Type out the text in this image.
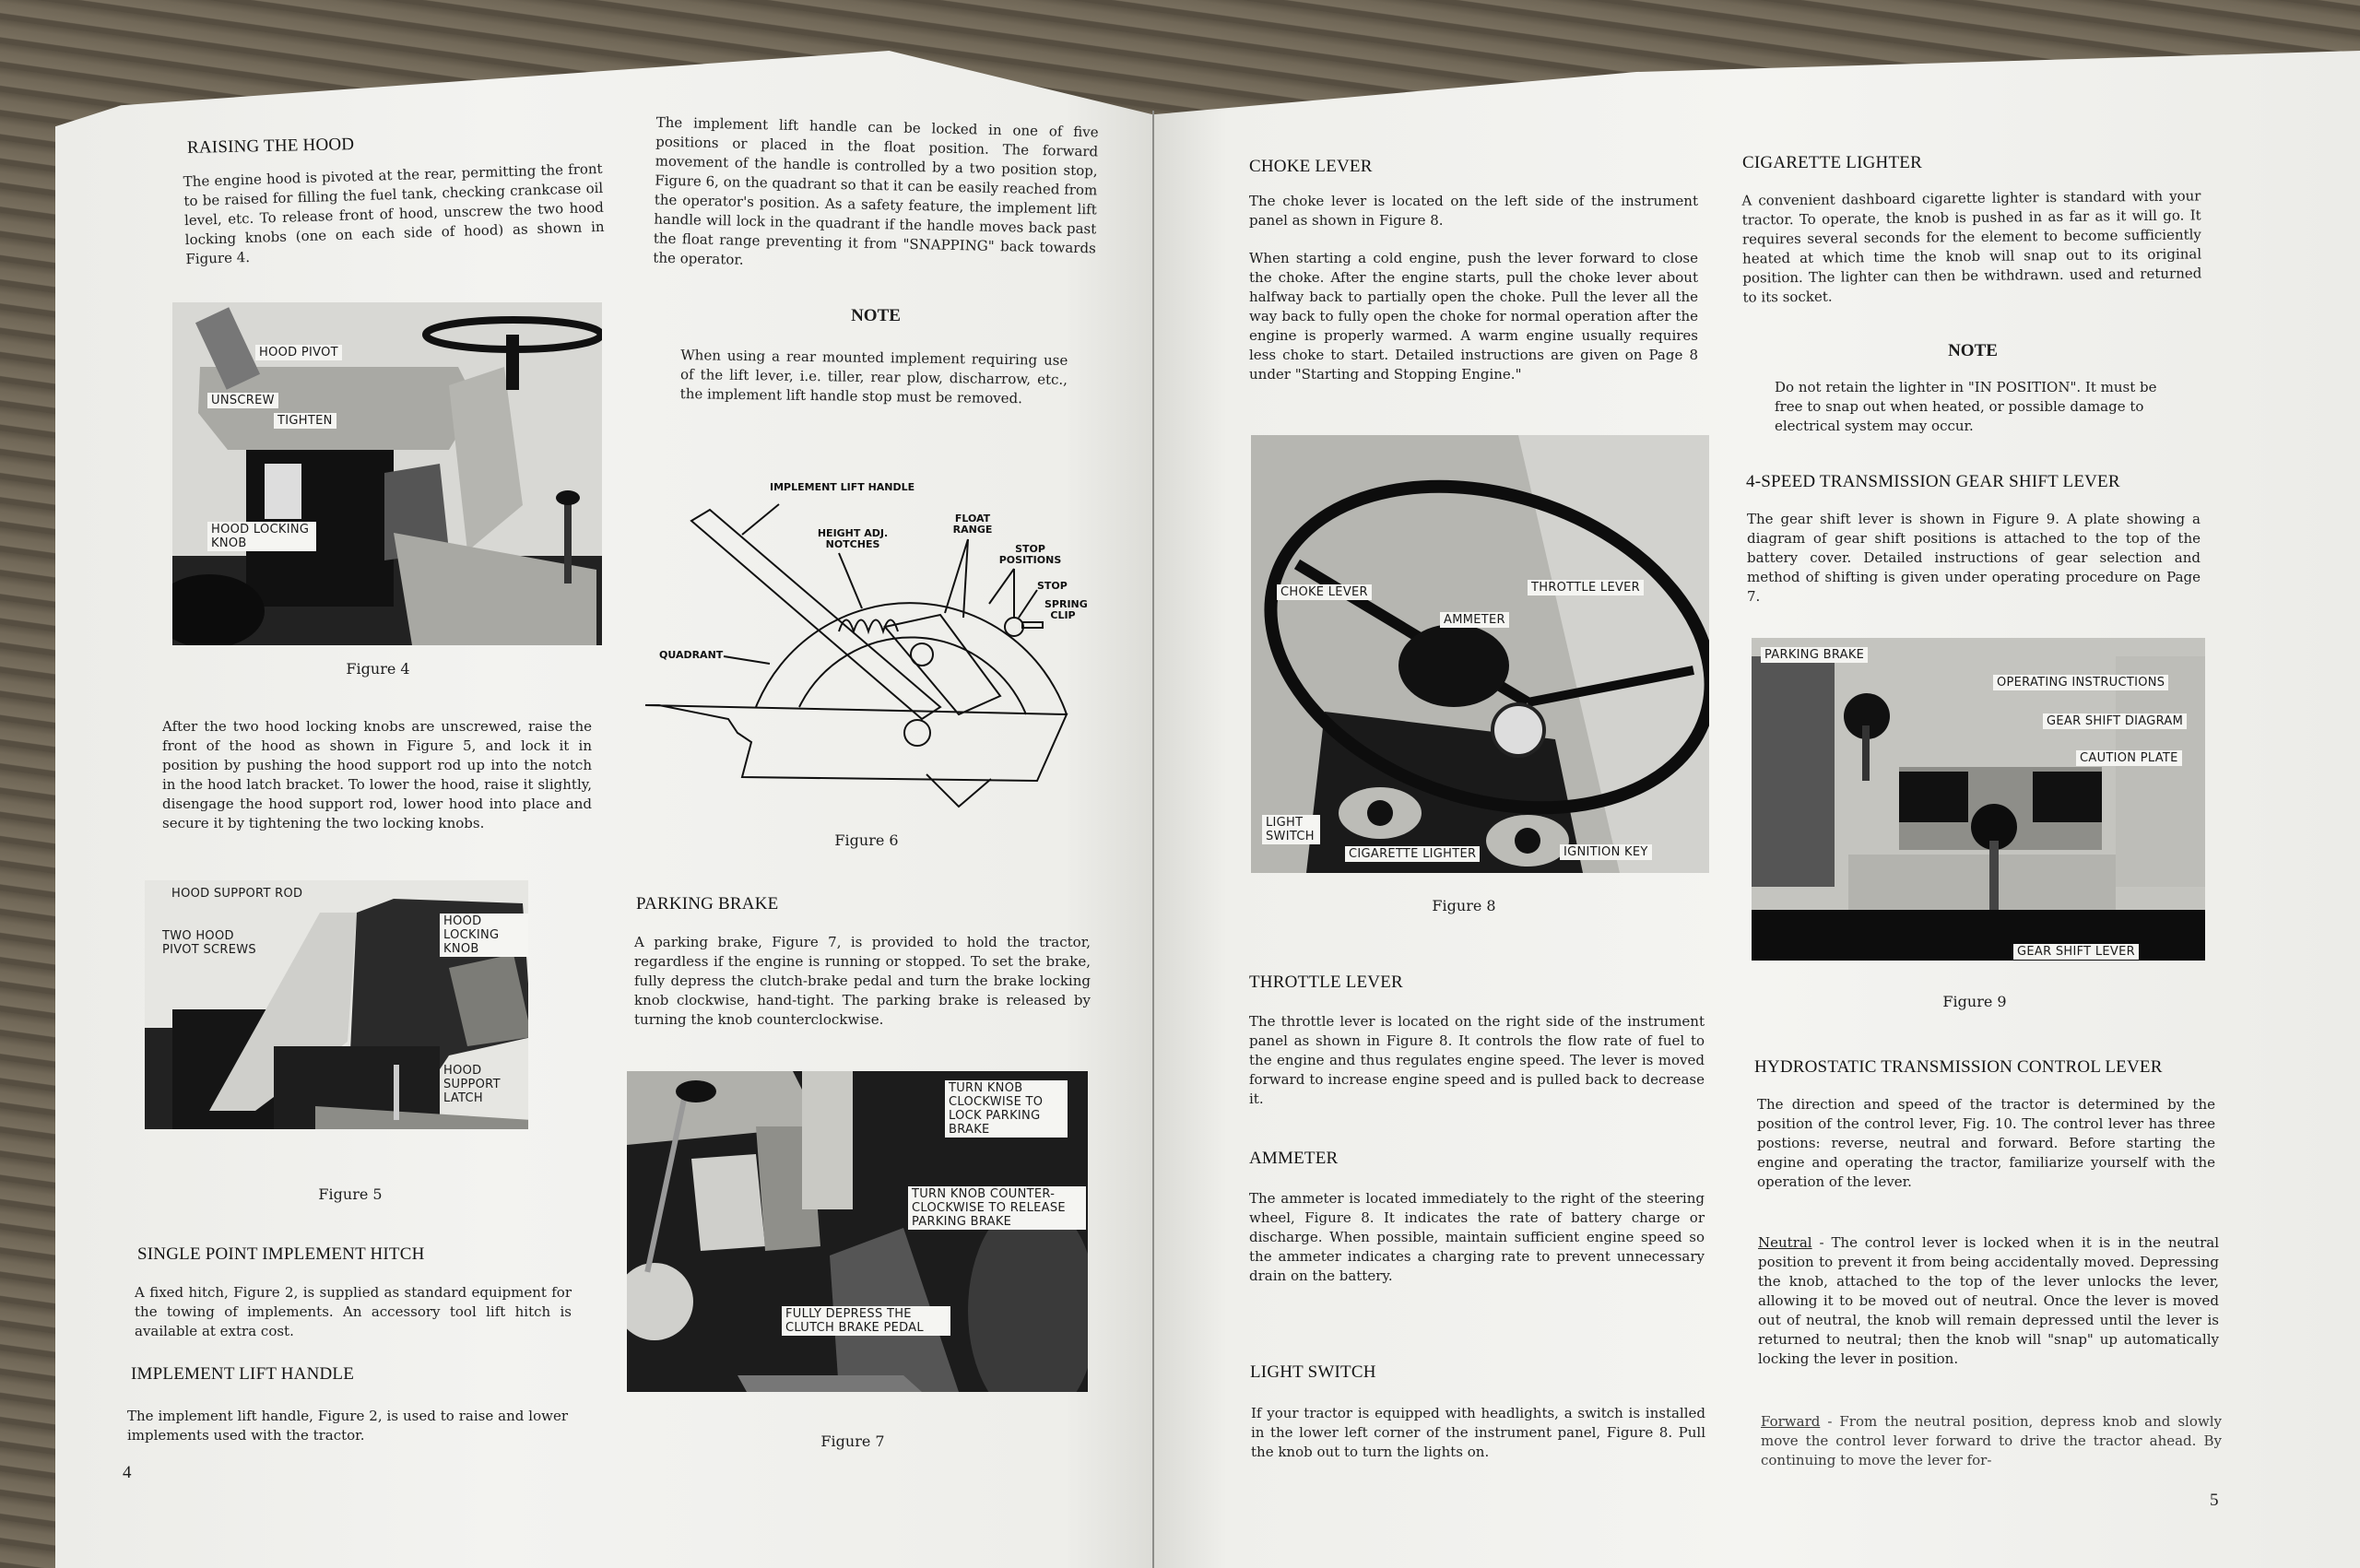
RAISING THE HOOD
The engine hood is pivoted at the rear, permitting the front to be raised for filling the fuel tank, checking crankcase oil level, etc. To release front of hood, unscrew the two hood locking knobs (one on each side of hood) as shown in Figure 4.
HOOD PIVOT
UNSCREW
TIGHTEN
HOOD LOCKING KNOB
Figure 4
After the two hood locking knobs are unscrewed, raise the front of the hood as shown in Figure 5, and lock it in position by pushing the hood support rod up into the notch in the hood latch bracket. To lower the hood, raise it slightly, disengage the hood support rod, lower hood into place and secure it by tightening the two locking knobs.
HOOD SUPPORT ROD
TWO HOOD PIVOT SCREWS
HOOD LOCKING KNOB
HOOD SUPPORT LATCH
Figure 5
SINGLE POINT IMPLEMENT HITCH
A fixed hitch, Figure 2, is supplied as standard equipment for the towing of implements. An accessory tool lift hitch is available at extra cost.
IMPLEMENT LIFT HANDLE
The implement lift handle, Figure 2, is used to raise and lower implements used with the tractor.
4
The implement lift handle can be locked in one of five positions or placed in the float position. The forward movement of the handle is controlled by a two position stop, Figure 6, on the quadrant so that it can be easily reached from the operator's position. As a safety feature, the implement lift handle will lock in the quadrant if the handle moves back past the float range preventing it from "SNAPPING" back towards the operator.
NOTE
When using a rear mounted implement requiring use of the lift lever, i.e. tiller, rear plow, discharrow, etc., the implement lift handle stop must be removed.
IMPLEMENT LIFT HANDLE
HEIGHT ADJ. NOTCHES
FLOAT RANGE
STOP POSITIONS
STOP
SPRING CLIP
QUADRANT
Figure 6
PARKING BRAKE
A parking brake, Figure 7, is provided to hold the tractor, regardless if the engine is running or stopped. To set the brake, fully depress the clutch-brake pedal and turn the brake locking knob clockwise, hand-tight. The parking brake is released by turning the knob counterclockwise.
TURN KNOB CLOCKWISE TO LOCK PARKING BRAKE
TURN KNOB COUNTER- CLOCKWISE TO RELEASE PARKING BRAKE
FULLY DEPRESS THE CLUTCH BRAKE PEDAL
Figure 7
CHOKE LEVER
The choke lever is located on the left side of the instrument panel as shown in Figure 8.
When starting a cold engine, push the lever forward to close the choke. After the engine starts, pull the choke lever about halfway back to partially open the choke. Pull the lever all the way back to fully open the choke for normal operation after the engine is properly warmed. A warm engine usually requires less choke to start. Detailed instructions are given on Page 8 under "Starting and Stopping Engine."
CHOKE LEVER	THROTTLE LEVER
AMMETER
LIGHT SWITCH
CIGARETTE LIGHTER	IGNITION KEY
Figure 8
THROTTLE LEVER
The throttle lever is located on the right side of the instrument panel as shown in Figure 8. It controls the flow rate of fuel to the engine and thus regulates engine speed. The lever is moved forward to increase engine speed and is pulled back to decrease it.
AMMETER
The ammeter is located immediately to the right of the steering wheel, Figure 8. It indicates the rate of battery charge or discharge. When possible, maintain sufficient engine speed so the ammeter indicates a charging rate to prevent unnecessary drain on the battery.
LIGHT SWITCH
If your tractor is equipped with headlights, a switch is installed in the lower left corner of the instrument panel, Figure 8. Pull the knob out to turn the lights on.
CIGARETTE LIGHTER
A convenient dashboard cigarette lighter is standard with your tractor. To operate, the knob is pushed in as far as it will go. It requires several seconds for the element to become sufficiently heated at which time the knob will snap out to its original position. The lighter can then be withdrawn. used and returned to its socket.
NOTE
Do not retain the lighter in "IN POSITION". It must be free to snap out when heated, or possible damage to electrical system may occur.
4-SPEED TRANSMISSION GEAR SHIFT LEVER
The gear shift lever is shown in Figure 9. A plate showing a diagram of gear shift positions is attached to the top of the battery cover. Detailed instructions of gear selection and method of shifting is given under operating procedure on Page 7.
PARKING BRAKE
OPERATING INSTRUCTIONS
GEAR SHIFT DIAGRAM
CAUTION PLATE
GEAR SHIFT LEVER
Figure 9
HYDROSTATIC TRANSMISSION CONTROL LEVER
The direction and speed of the tractor is determined by the position of the control lever, Fig. 10. The control lever has three postions: reverse, neutral and forward. Before starting the engine and operating the tractor, familiarize yourself with the operation of the lever.
Neutral - The control lever is locked when it is in the neutral position to prevent it from being accidentally moved. Depressing the knob, attached to the top of the lever unlocks the lever, allowing it to be moved out of neutral. Once the lever is moved out of neutral, the knob will remain depressed until the lever is returned to neutral; then the knob will "snap" up automatically locking the lever in position.
Forward - From the neutral position, depress knob and slowly move the control lever forward to drive the tractor ahead. By continuing to move the lever for-
5
